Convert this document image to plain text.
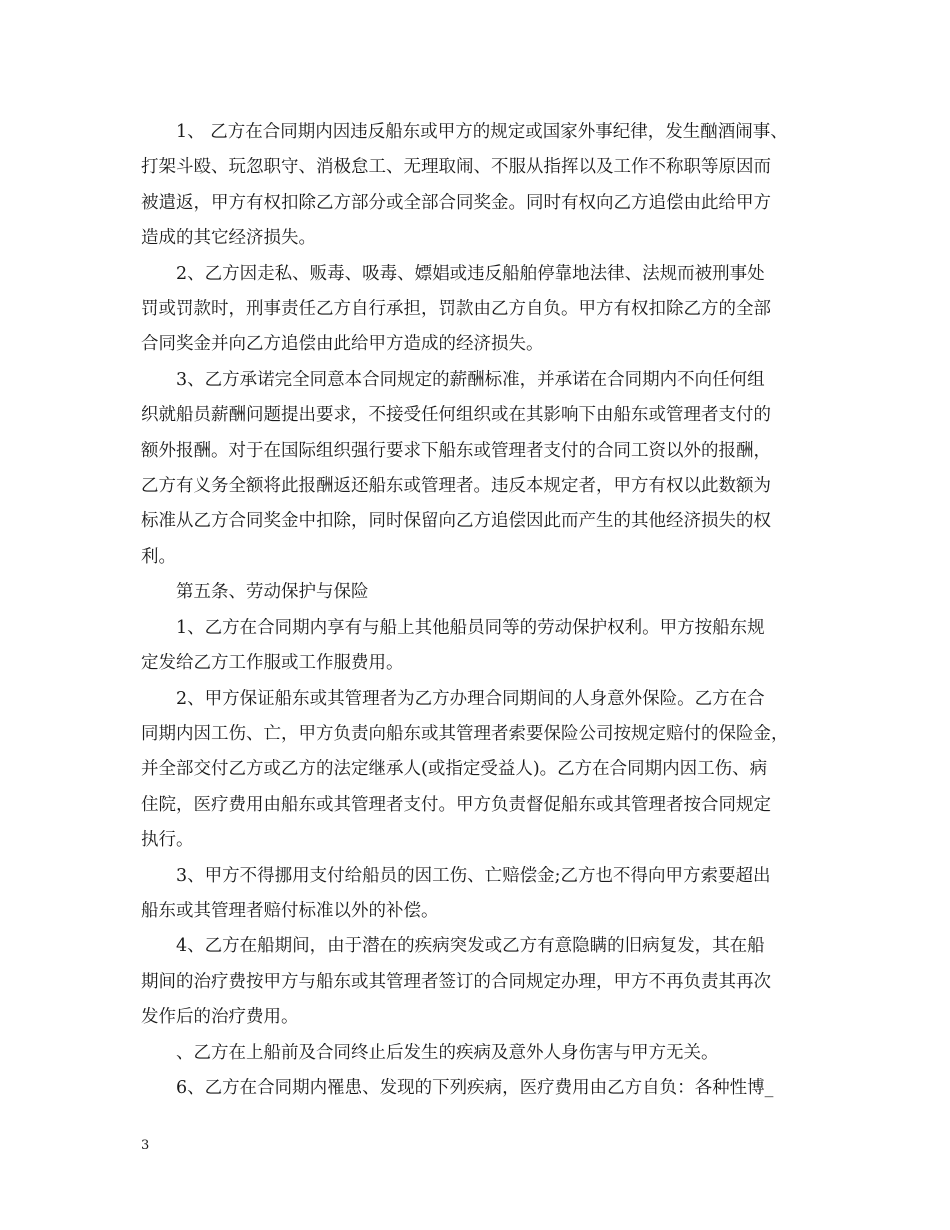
1、 乙方在合同期内因违反船东或甲方的规定或国家外事纪律，发生酗酒闹事、

打架斗殴、玩忽职守、消极怠工、无理取闹、不服从指挥以及工作不称职等原因而

被遣返，甲方有权扣除乙方部分或全部合同奖金。同时有权向乙方追偿由此给甲方

造成的其它经济损失。

2、乙方因走私、贩毒、吸毒、嫖娼或违反船舶停靠地法律、法规而被刑事处

罚或罚款时，刑事责任乙方自行承担，罚款由乙方自负。甲方有权扣除乙方的全部

合同奖金并向乙方追偿由此给甲方造成的经济损失。

3、乙方承诺完全同意本合同规定的薪酬标准，并承诺在合同期内不向任何组

织就船员薪酬问题提出要求，不接受任何组织或在其影响下由船东或管理者支付的

额外报酬。对于在国际组织强行要求下船东或管理者支付的合同工资以外的报酬，

乙方有义务全额将此报酬返还船东或管理者。违反本规定者，甲方有权以此数额为

标准从乙方合同奖金中扣除，同时保留向乙方追偿因此而产生的其他经济损失的权

利。

第五条、劳动保护与保险

1、乙方在合同期内享有与船上其他船员同等的劳动保护权利。甲方按船东规

定发给乙方工作服或工作服费用。

2、甲方保证船东或其管理者为乙方办理合同期间的人身意外保险。乙方在合

同期内因工伤、亡，甲方负责向船东或其管理者索要保险公司按规定赔付的保险金，

并全部交付乙方或乙方的法定继承人(或指定受益人)。乙方在合同期内因工伤、病

住院，医疗费用由船东或其管理者支付。甲方负责督促船东或其管理者按合同规定

执行。

3、甲方不得挪用支付给船员的因工伤、亡赔偿金;乙方也不得向甲方索要超出

船东或其管理者赔付标准以外的补偿。

4、乙方在船期间，由于潜在的疾病突发或乙方有意隐瞒的旧病复发，其在船

期间的治疗费按甲方与船东或其管理者签订的合同规定办理，甲方不再负责其再次

发作后的治疗费用。

、乙方在上船前及合同终止后发生的疾病及意外人身伤害与甲方无关。

6、乙方在合同期内罹患、发现的下列疾病，医疗费用由乙方自负：各种性博_

3
